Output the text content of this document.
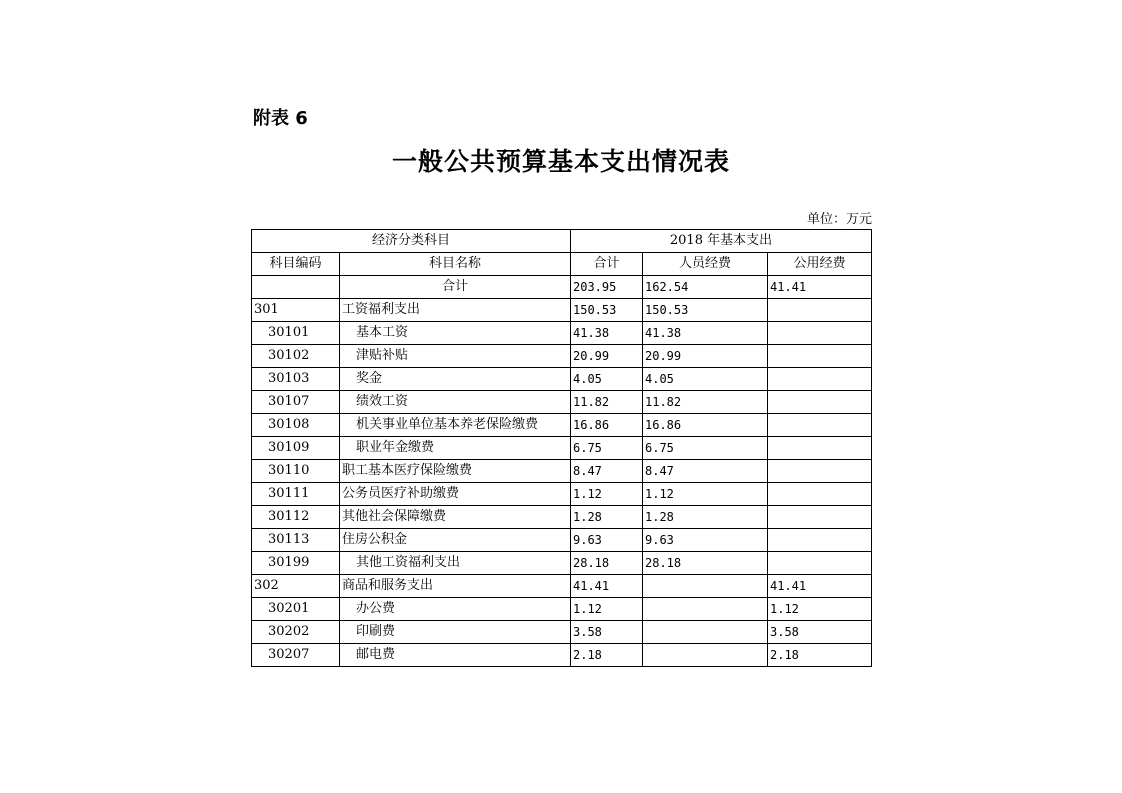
附表 6
一般公共预算基本支出情况表
单位：万元
经济分类科目		2018 年基本支出		
科目编码	科目名称	合计	人员经费	公用经费
	合计	203.95	162.54	41.41
301	工资福利支出	150.53	150.53	
30101	基本工资	41.38	41.38	
30102	津贴补贴	20.99	20.99	
30103	奖金	4.05	4.05	
30107	绩效工资	11.82	11.82	
30108	机关事业单位基本养老保险缴费	16.86	16.86	
30109	职业年金缴费	6.75	6.75	
30110	职工基本医疗保险缴费	8.47	8.47	
30111	公务员医疗补助缴费	1.12	1.12	
30112	其他社会保障缴费	1.28	1.28	
30113	住房公积金	9.63	9.63	
30199	其他工资福利支出	28.18	28.18	
302	商品和服务支出	41.41		41.41
30201	办公费	1.12		1.12
30202	印刷费	3.58		3.58
30207	邮电费	2.18		2.18
